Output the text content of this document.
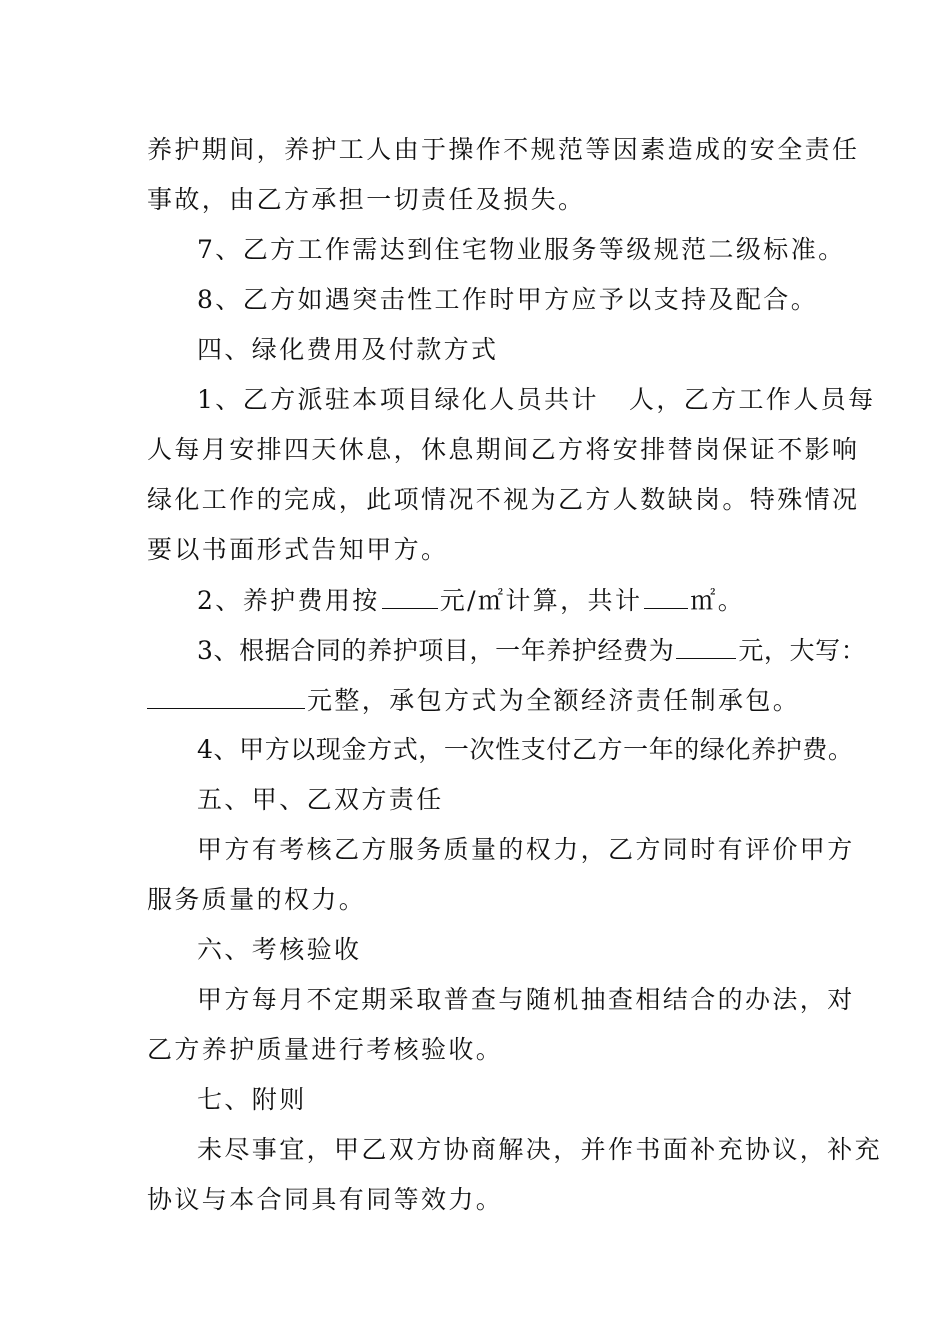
养护期间，养护工人由于操作不规范等因素造成的安全责任
事故，由乙方承担一切责任及损失。
7、乙方工作需达到住宅物业服务等级规范二级标准。
8、乙方如遇突击性工作时甲方应予以支持及配合。
四、绿化费用及付款方式
1、乙方派驻本项目绿化人员共计 人，乙方工作人员每
人每月安排四天休息，休息期间乙方将安排替岗保证不影响
绿化工作的完成，此项情况不视为乙方人数缺岗。特殊情况
要以书面形式告知甲方。
2、养护费用按 元/㎡计算，共计 ㎡。
3、根据合同的养护项目，一年养护经费为	元，大写：
元整，承包方式为全额经济责任制承包。
4、甲方以现金方式，一次性支付乙方一年的绿化养护费。
五、甲、乙双方责任
甲方有考核乙方服务质量的权力，乙方同时有评价甲方
服务质量的权力。
六、考核验收
甲方每月不定期采取普查与随机抽查相结合的办法，对
乙方养护质量进行考核验收。
七、附则
未尽事宜，甲乙双方协商解决，并作书面补充协议，补充
协议与本合同具有同等效力。
